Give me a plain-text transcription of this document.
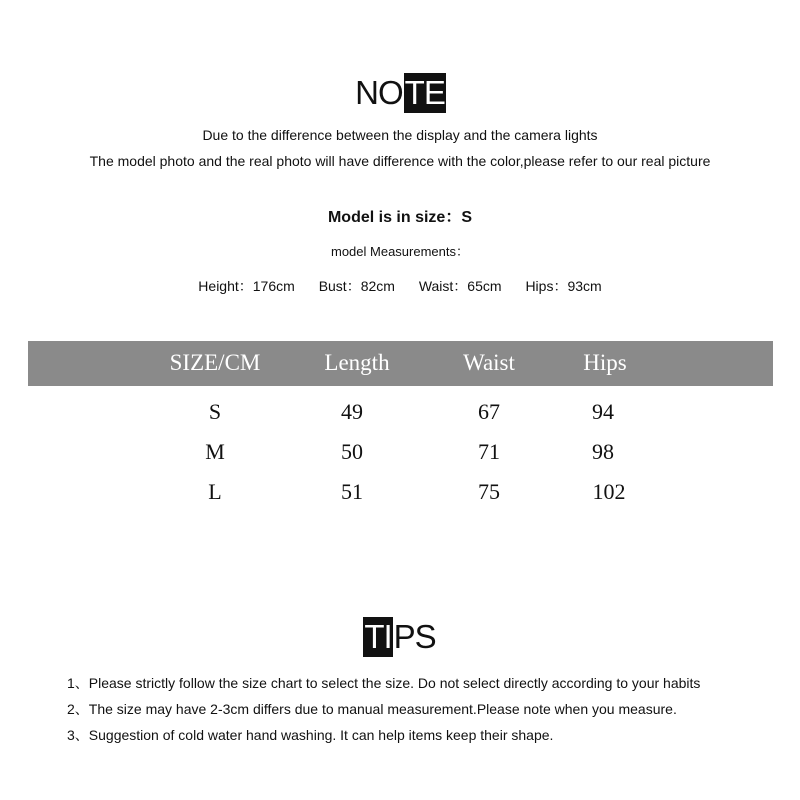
NOTE
Due to the difference between the display and the camera lights
The model photo and the real photo will have difference with the color,please refer to our real picture
Model is in size：S
model Measurements：
Height：176cm Bust：82cm Waist：65cm Hips：93cm
SIZE/CM	Length	Waist	Hips
S	49	67	94
M	50	71	98
L	51	75	102
TIPS
1、Please strictly follow the size chart to select the size. Do not select directly according to your habits
2、The size may have 2-3cm differs due to manual measurement.Please note when you measure.
3、Suggestion of cold water hand washing. It can help items keep their shape.
